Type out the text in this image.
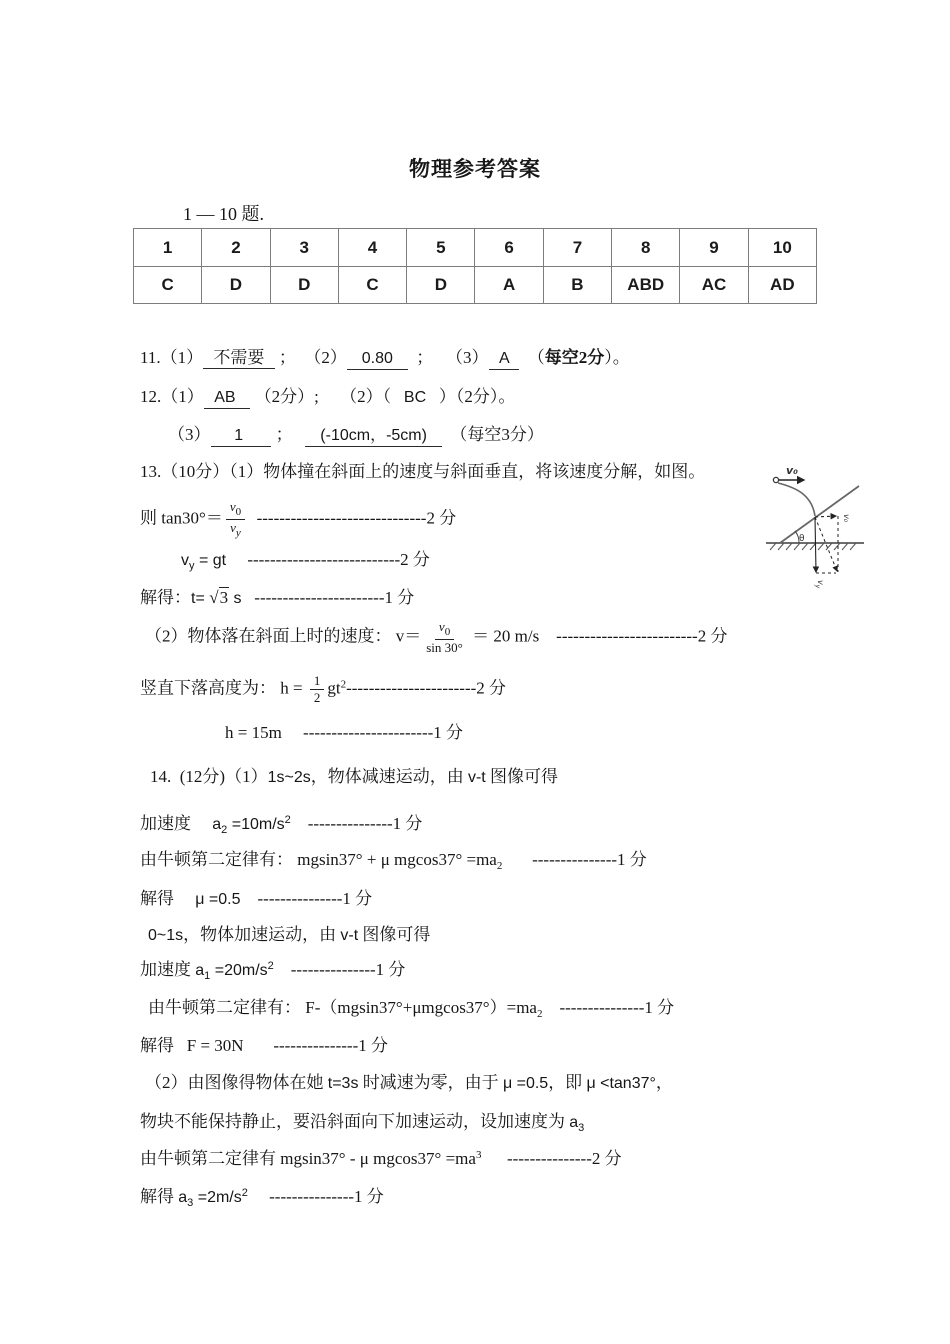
物理参考答案
1 — 10 题.
1	2	3	4	5	6	7	8	9	10
C	D	D	C	D	A	B	ABD	AC	AD
11.（1） 不需要  ；  （2）  0.80    ；   （3） A   （每空2分）。
12.（1） AB   （2分）;     （2）（   BC   ）（2分）。
（3）    1      ；     (-10cm，-5cm)    （每空3分）
13.（10分）（1）物体撞在斜面上的速度与斜面垂直，将该速度分解，如图。
则 $\tan 30^\circ= \frac{v_0}{v_y} ------------------------------2$ 分
$v_y$ = gt     ---------------------------2 分
解得：t= √3 s   -----------------------1 分
（2）物体落在斜面上时的速度： $v= \frac{v_0}{\sin 30^\circ} = 20$ m/s    -------------------------2 分
竖直下落高度为： $h = \frac{1}{2} gt^2-----------------------2$ 分
h = 15m     -----------------------1 分
14.  (12分)（1）1s~2s，物体减速运动，由 v-t 图像可得
加速度     $a_2 =10m/s^2$    ---------------1 分
由牛顿第二定律有： mgsin37° + μ $mgcos37^\circ =ma_2$       ---------------1 分
解得     μ =0.5    ---------------1 分
0~1s，物体加速运动，由 v-t 图像可得
加速度 $a_1 =20m/s^2$    ---------------1 分
由牛顿第二定律有： $F-(mgsin37^\circ+\mu mgcos37^\circ)=ma_2$    ---------------1 分
解得   F = 30N       ---------------1 分
（2）由图像得物体在她 t=3s 时减速为零，由于 μ =0.5，即 μ <tan37°，
物块不能保持静止，要沿斜面向下加速运动，设加速度为 $a_3$
由牛顿第二定律有 mgsin37° - μ $mgcos37^\circ =ma^3$      ---------------2 分
解得 $a_3 =2m/s^2$     ---------------1 分
θ
v₀
v₀
$v_y$
